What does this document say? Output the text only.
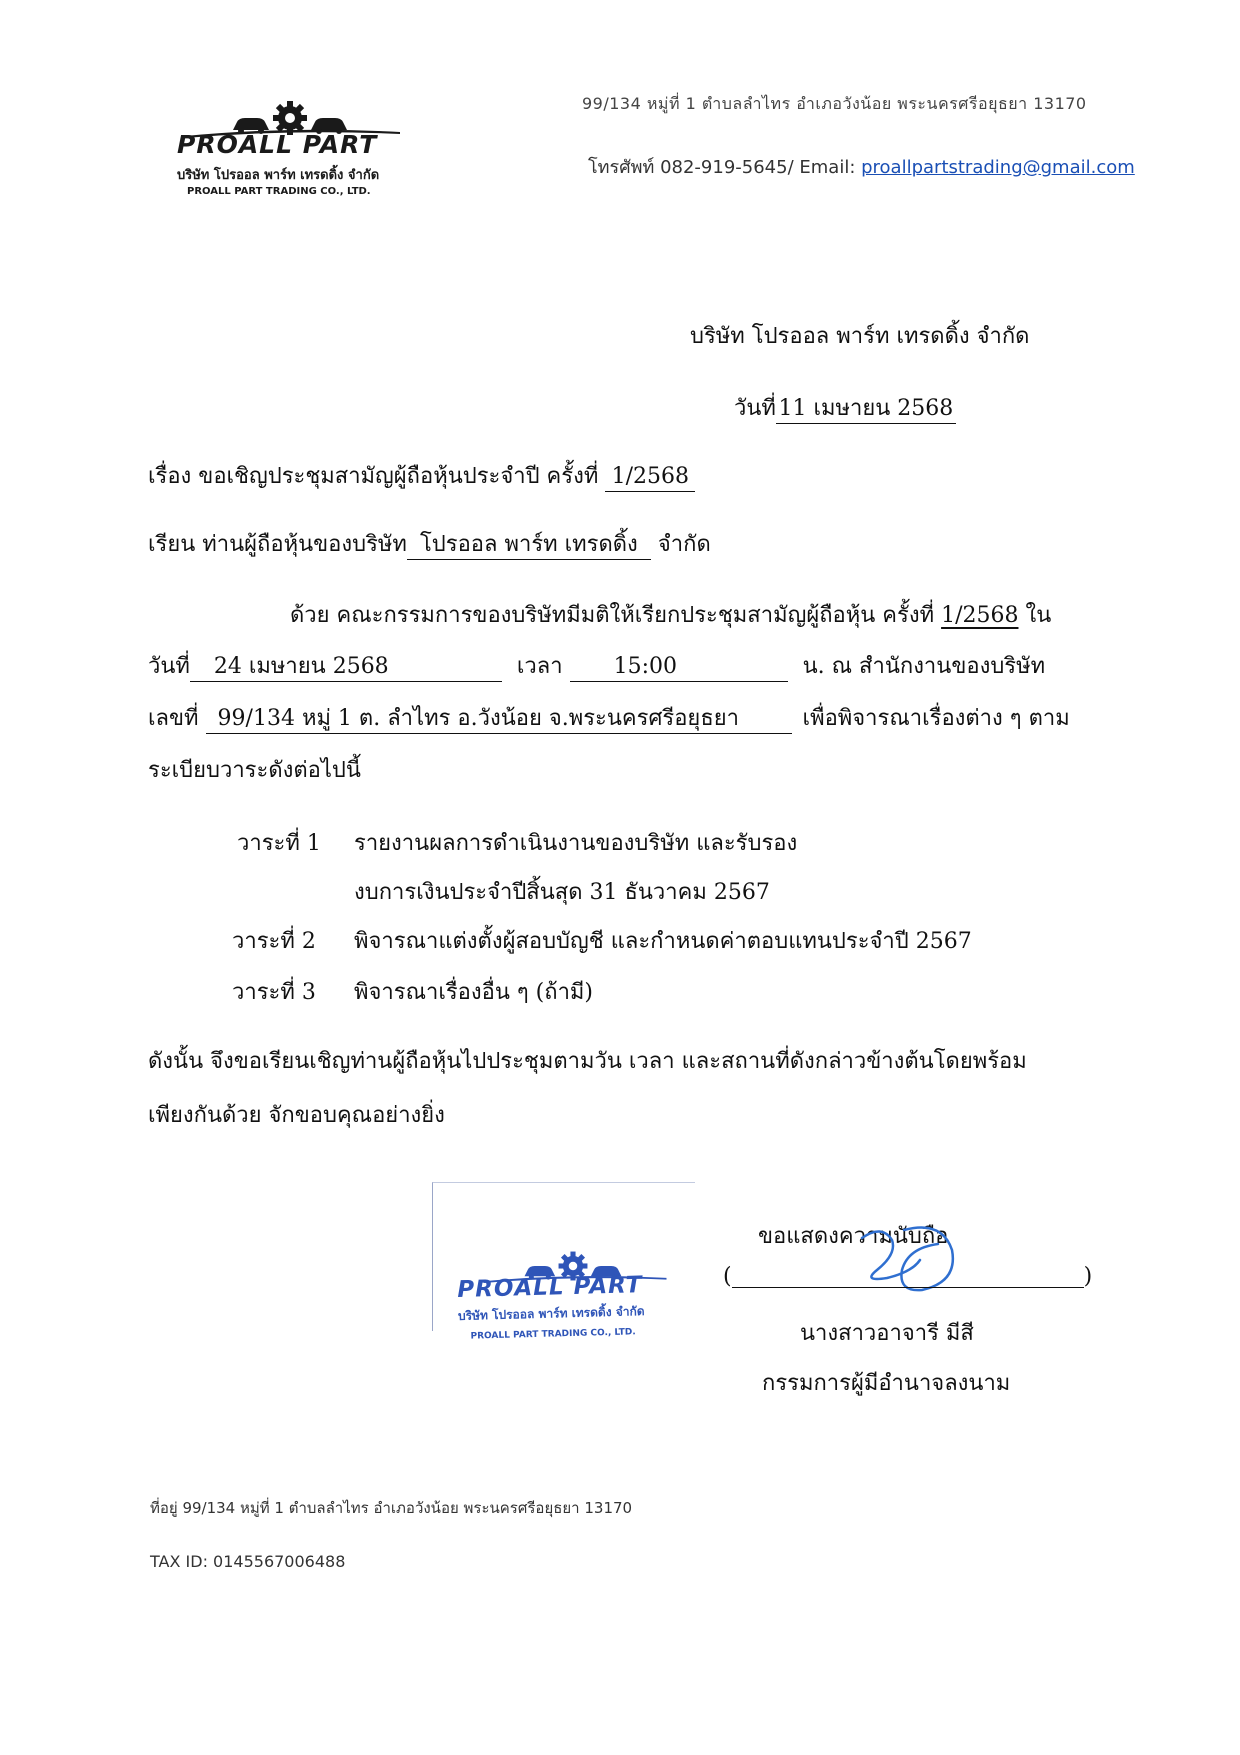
PROALL PART
บริษัท โปรออล พาร์ท เทรดดิ้ง จำกัด
PROALL PART TRADING CO., LTD.
99/134 หมู่ที่ 1 ตำบลลำไทร อำเภอวังน้อย พระนครศรีอยุธยา 13170
โทรศัพท์ 082-919-5645/ Email: proallpartstrading@gmail.com
บริษัท โปรออล พาร์ท เทรดดิ้ง จำกัด
วันที่ 11 เมษายน 2568
เรื่อง ขอเชิญประชุมสามัญผู้ถือหุ้นประจำปี ครั้งที่ 1/2568
เรียน ท่านผู้ถือหุ้นของบริษัท โปรออล พาร์ท เทรดดิ้ง จำกัด
ด้วย คณะกรรมการของบริษัทมีมติให้เรียกประชุมสามัญผู้ถือหุ้น ครั้งที่ 1/2568 ใน
วันที่ 24 เมษายน 2568	เวลา 15:00	น. ณ สำนักงานของบริษัท
เลขที่ 99/134 หมู่ 1 ต. ลำไทร อ.วังน้อย จ.พระนครศรีอยุธยา	เพื่อพิจารณาเรื่องต่าง ๆ ตาม
ระเบียบวาระดังต่อไปนี้
วาระที่ 1 รายงานผลการดำเนินงานของบริษัท และรับรอง
งบการเงินประจำปีสิ้นสุด 31 ธันวาคม 2567
วาระที่ 2 พิจารณาแต่งตั้งผู้สอบบัญชี และกำหนดค่าตอบแทนประจำปี 2567
วาระที่ 3 พิจารณาเรื่องอื่น ๆ (ถ้ามี)
ดังนั้น จึงขอเรียนเชิญท่านผู้ถือหุ้นไปประชุมตามวัน เวลา และสถานที่ดังกล่าวข้างต้นโดยพร้อม
เพียงกันด้วย จักขอบคุณอย่างยิ่ง
PROALL PART
บริษัท โปรออล พาร์ท เทรดดิ้ง จำกัด
PROALL PART TRADING CO., LTD.
ขอแสดงความนับถือ
(	)
นางสาวอาจารี มีสี
กรรมการผู้มีอำนาจลงนาม
ที่อยู่ 99/134 หมู่ที่ 1 ตำบลลำไทร อำเภอวังน้อย พระนครศรีอยุธยา 13170
TAX ID: 0145567006488
